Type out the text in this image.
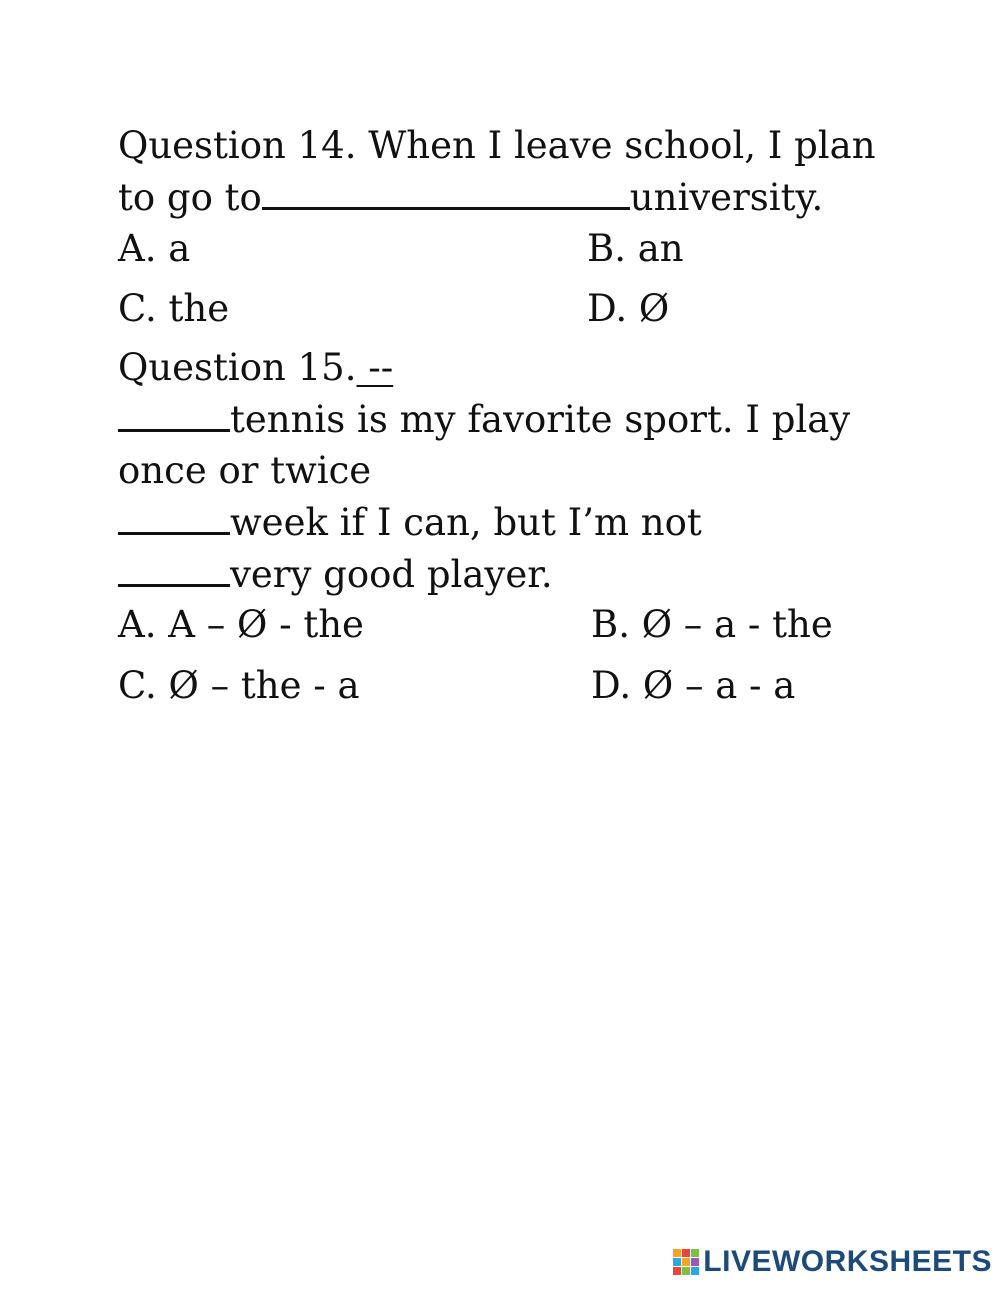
Question 14. When I leave school, I plan
to go to	university.
A. a	B. an
C. the	D. Ø
Question 15. --
tennis is my favorite sport. I play
once or twice
week if I can, but I’m not
very good player.
A. A – Ø - the	B. Ø – a - the
C. Ø – the - a	D. Ø – a - a
LIVEWORKSHEETS
